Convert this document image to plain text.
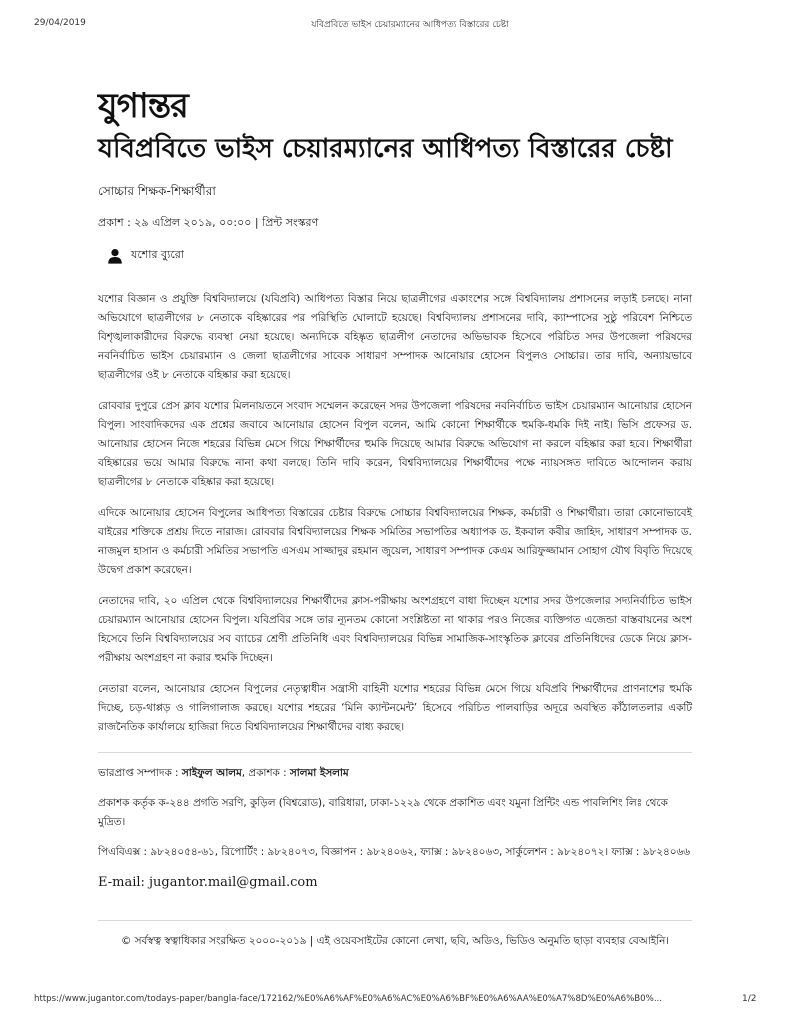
29/04/2019	যবিপ্রবিতে ভাইস চেয়ারম্যানের আধিপত্য বিস্তারের চেষ্টা
যুগান্তর
যবিপ্রবিতে ভাইস চেয়ারম্যানের আধিপত্য বিস্তারের চেষ্টা
সোচ্চার শিক্ষক-শিক্ষার্থীরা
প্রকাশ : ২৯ এপ্রিল ২০১৯, ০০:০০ | প্রিন্ট সংস্করণ
যশোর ব্যুরো

যশোর বিজ্ঞান ও প্রযুক্তি বিশ্ববিদ্যালয়ে (যবিপ্রবি) আধিপত্য বিস্তার নিয়ে ছাত্রলীগের একাংশের সঙ্গে বিশ্ববিদ্যালয় প্রশাসনের লড়াই চলছে। নানা অভিযোগে ছাত্রলীগের ৮ নেতাকে বহিষ্কারের পর পরিস্থিতি ঘোলাটে হয়েছে। বিশ্ববিদ্যালয় প্রশাসনের দাবি, ক্যাম্পাসের সুষ্ঠু পরিবেশ নিশ্চিতে বিশৃঙ্খলাকারীদের বিরুদ্ধে ব্যবস্থা নেয়া হয়েছে। অন্যদিকে বহিষ্কৃত ছাত্রলীগ নেতাদের অভিভাবক হিসেবে পরিচিত সদর উপজেলা পরিষদের নবনির্বাচিত ভাইস চেয়ারম্যান ও জেলা ছাত্রলীগের সাবেক সাধারণ সম্পাদক আনোয়ার হোসেন বিপুলও সোচ্চার। তার দাবি, অন্যায়ভাবে ছাত্রলীগের ওই ৮ নেতাকে বহিষ্কার করা হয়েছে।

রোববার দুপুরে প্রেস ক্লাব যশোর মিলনায়তনে সংবাদ সম্মেলন করেছেন সদর উপজেলা পরিষদের নবনির্বাচিত ভাইস চেয়ারম্যান আনোয়ার হোসেন বিপুল। সাংবাদিকদের এক প্রশ্নের জবাবে আনোয়ার হোসেন বিপুল বলেন, আমি কোনো শিক্ষার্থীকে হুমকি-ধমকি দিই নাই। ভিসি প্রফেসর ড. আনোয়ার হোসেন নিজে শহরের বিভিন্ন মেসে গিয়ে শিক্ষার্থীদের হুমকি দিয়েছে আমার বিরুদ্ধে অভিযোগ না করলে বহিষ্কার করা হবে। শিক্ষার্থীরা বহিষ্কারের ভয়ে আমার বিরুদ্ধে নানা কথা বলছে। তিনি দাবি করেন, বিশ্ববিদ্যালয়ের শিক্ষার্থীদের পক্ষে ন্যায়সঙ্গত দাবিতে আন্দোলন করায় ছাত্রলীগের ৮ নেতাকে বহিষ্কার করা হয়েছে।

এদিকে আনোয়ার হোসেন বিপুলের আধিপত্য বিস্তারের চেষ্টার বিরুদ্ধে সোচ্চার বিশ্ববিদ্যালয়ের শিক্ষক, কর্মচারী ও শিক্ষার্থীরা। তারা কোনোভাবেই বাইরের শক্তিকে প্রশ্রয় দিতে নারাজ। রোববার বিশ্ববিদ্যালয়ের শিক্ষক সমিতির সভাপতির অধ্যাপক ড. ইকবাল কবীর জাহিদ, সাধারণ সম্পাদক ড. নাজমুল হাসান ও কর্মচারী সমিতির সভাপতি এসএম সাজ্জাদুর রহমান জুয়েল, সাধারণ সম্পাদক কেএম আরিফুজ্জামান সোহাগ যৌথ বিবৃতি দিয়েছে উদ্বেগ প্রকাশ করেছেন।

নেতাদের দাবি, ২০ এপ্রিল থেকে বিশ্ববিদ্যালয়ের শিক্ষার্থীদের ক্লাস-পরীক্ষায় অংশগ্রহণে বাধা দিচ্ছেন যশোর সদর উপজেলার সদ্যনির্বাচিত ভাইস চেয়ারম্যান আনোয়ার হোসেন বিপুল। যবিপ্রবির সঙ্গে তার ন্যূনতম কোনো সংশ্লিষ্টতা না থাকার পরও নিজের ব্যক্তিগত এজেন্ডা বাস্তবায়নের অংশ হিসেবে তিনি বিশ্ববিদ্যালয়ের সব ব্যাচের শ্রেণী প্রতিনিধি এবং বিশ্ববিদ্যালয়ের বিভিন্ন সামাজিক-সাংস্কৃতিক ক্লাবের প্রতিনিধিদের ডেকে নিয়ে ক্লাস-পরীক্ষায় অংশগ্রহণ না করার হুমকি দিচ্ছেন।

নেতারা বলেন, আনোয়ার হোসেন বিপুলের নেতৃত্বাধীন সন্ত্রাসী বাহিনী যশোর শহরের বিভিন্ন মেসে গিয়ে যবিপ্রবি শিক্ষার্থীদের প্রাণনাশের হুমকি দিচ্ছে, চড়-থাপ্পড় ও গালিগালাজ করছে। যশোর শহরের ‘মিনি ক্যান্টনমেন্ট’ হিসেবে পরিচিত পালবাড়ির অদূরে অবস্থিত কাঁঠালতলার একটি রাজনৈতিক কার্যালয়ে হাজিরা দিতে বিশ্ববিদ্যালয়ের শিক্ষার্থীদের বাধ্য করছে।

ভারপ্রাপ্ত সম্পাদক : সাইফুল আলম, প্রকাশক : সালমা ইসলাম
প্রকাশক কর্তৃক ক-২৪৪ প্রগতি সরণি, কুড়িল (বিশ্বরোড), বারিধারা, ঢাকা-১২২৯ থেকে প্রকাশিত এবং যমুনা প্রিন্টিং এন্ড পাবলিশিং লিঃ থেকে মুদ্রিত।
পিএবিএক্স : ৯৮২৪০৫৪-৬১, রিপোর্টিং : ৯৮২৪০৭৩, বিজ্ঞাপন : ৯৮২৪০৬২, ফ্যাক্স : ৯৮২৪০৬৩, সার্কুলেশন : ৯৮২৪০৭২। ফ্যাক্স : ৯৮২৪০৬৬
E-mail: jugantor.mail@gmail.com
© সর্বস্বত্ব স্বত্বাধিকার সংরক্ষিত ২০০০-২০১৯ | এই ওয়েবসাইটের কোনো লেখা, ছবি, অডিও, ভিডিও অনুমতি ছাড়া ব্যবহার বেআইনি।
https://www.jugantor.com/todays-paper/bangla-face/172162/%E0%A6%AF%E0%A6%AC%E0%A6%BF%E0%A6%AA%E0%A7%8D%E0%A6%B0%...	1/2
